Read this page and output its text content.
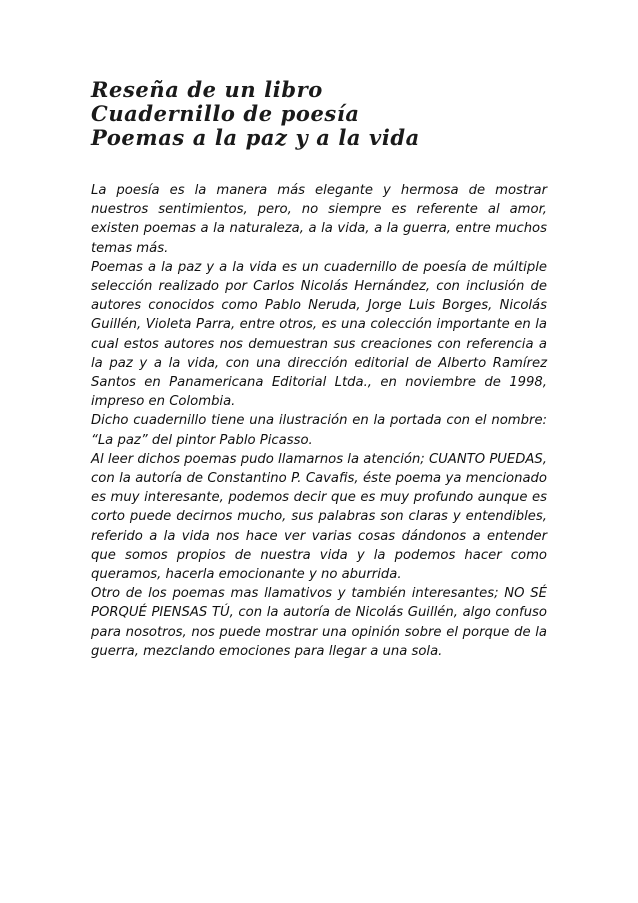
Reseña de un libro

Cuadernillo de poesía

Poemas a la paz y a la vida

La poesía es la manera más elegante y hermosa de mostrar nuestros sentimientos, pero, no siempre es referente al amor, existen poemas a la naturaleza, a la vida, a la guerra, entre muchos temas más.

Poemas a la paz y a la vida es un cuadernillo de poesía de múltiple selección realizado por Carlos Nicolás Hernández, con inclusión de autores conocidos como Pablo Neruda, Jorge Luis Borges, Nicolás Guillén, Violeta Parra, entre otros, es una colección importante en la cual estos autores nos demuestran sus creaciones con referencia a la paz y a la vida, con una dirección editorial de Alberto Ramírez Santos en Panamericana Editorial Ltda., en noviembre de 1998, impreso en Colombia.

Dicho cuadernillo tiene una ilustración en la portada con el nombre: “La paz” del pintor Pablo Picasso.

Al leer dichos poemas pudo llamarnos la atención; CUANTO PUEDAS, con la autoría de Constantino P. Cavafis, éste poema ya mencionado es muy interesante, podemos decir que es muy profundo aunque es corto puede decirnos mucho, sus palabras son claras y entendibles, referido a la vida nos hace ver varias cosas dándonos a entender que somos propios de nuestra vida y la podemos hacer como queramos, hacerla emocionante y no aburrida.

Otro de los poemas mas llamativos y también interesantes; NO SÉ PORQUÉ PIENSAS TÚ, con la autoría de Nicolás Guillén, algo confuso para nosotros, nos puede mostrar una opinión sobre el porque de la guerra, mezclando emociones para llegar a una sola.
